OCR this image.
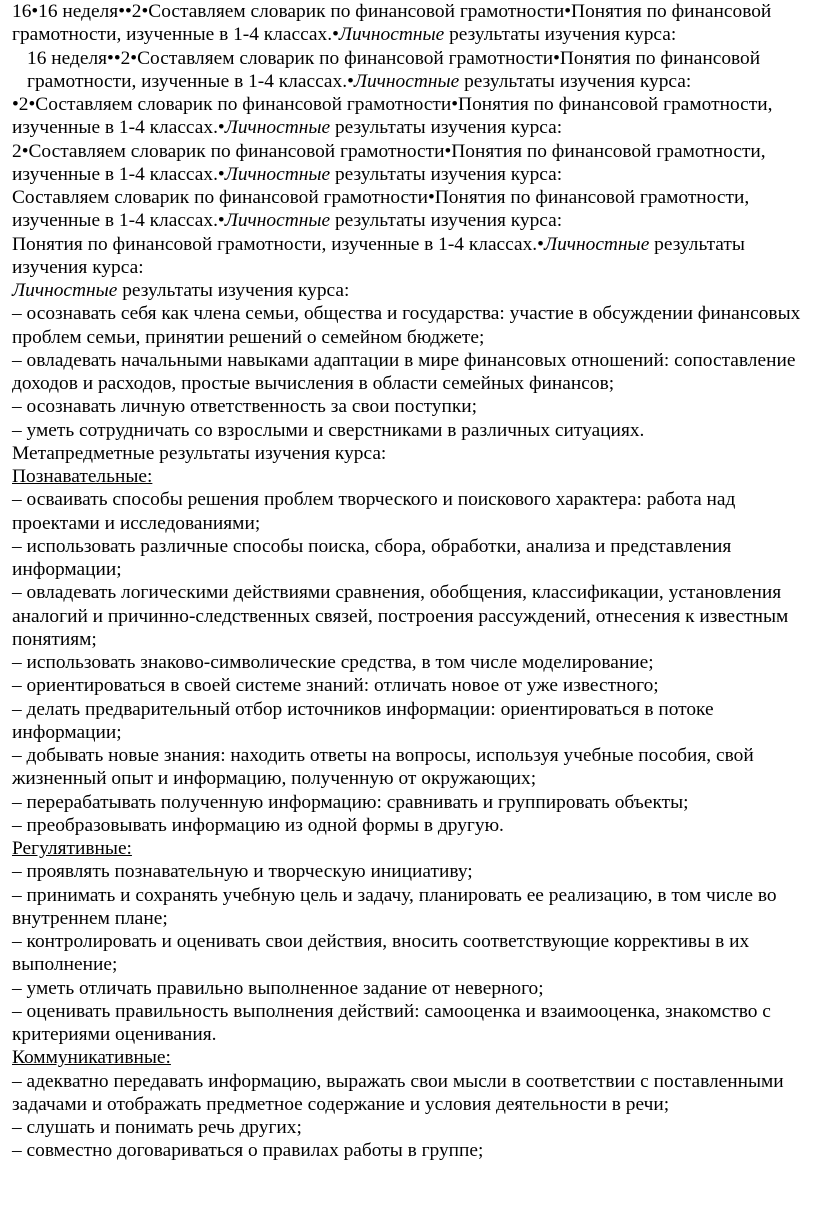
16•16 неделя••2•Составляем словарик по финансовой грамотности•Понятия по финансовой грамотности, изученные в 1-4 классах.•Личностные результаты изучения курса:
16 неделя••2•Составляем словарик по финансовой грамотности•Понятия по финансовой грамотности, изученные в 1-4 классах.•Личностные результаты изучения курса:
•2•Составляем словарик по финансовой грамотности•Понятия по финансовой грамотности, изученные в 1-4 классах.•Личностные результаты изучения курса:
2•Составляем словарик по финансовой грамотности•Понятия по финансовой грамотности, изученные в 1-4 классах.•Личностные результаты изучения курса:
Составляем словарик по финансовой грамотности•Понятия по финансовой грамотности, изученные в 1-4 классах.•Личностные результаты изучения курса:
Понятия по финансовой грамотности, изученные в 1-4 классах.•Личностные результаты изучения курса:
Личностные результаты изучения курса:
– осознавать себя как члена семьи, общества и государства: участие в обсуждении финансовых проблем семьи, принятии решений о семейном бюджете;
– овладевать начальными навыками адаптации в мире финансовых отношений: сопоставление доходов и расходов, простые вычисления в области семейных финансов;
– осознавать личную ответственность за свои поступки;
– уметь сотрудничать со взрослыми и сверстниками в различных ситуациях.
Метапредметные результаты изучения курса:
Познавательные:
– осваивать способы решения проблем творческого и поискового характера: работа над проектами и исследованиями;
– использовать различные способы поиска, сбора, обработки, анализа и представления информации;
– овладевать логическими действиями сравнения, обобщения, классификации, установления аналогий и причинно-следственных связей, построения рассуждений, отнесения к известным понятиям;
– использовать знаково-символические средства, в том числе моделирование;
– ориентироваться в своей системе знаний: отличать новое от уже известного;
– делать предварительный отбор источников информации: ориентироваться в потоке информации;
– добывать новые знания: находить ответы на вопросы, используя учебные пособия, свой жизненный опыт и информацию, полученную от окружающих;
– перерабатывать полученную информацию: сравнивать и группировать объекты;
– преобразовывать информацию из одной формы в другую.
Регулятивные:
– проявлять познавательную и творческую инициативу;
– принимать и сохранять учебную цель и задачу, планировать ее реализацию, в том числе во внутреннем плане;
– контролировать и оценивать свои действия, вносить соответствующие коррективы в их выполнение;
– уметь отличать правильно выполненное задание от неверного;
– оценивать правильность выполнения действий: самооценка и взаимооценка, знакомство с критериями оценивания.
Коммуникативные:
– адекватно передавать информацию, выражать свои мысли в соответствии с поставленными задачами и отображать предметное содержание и условия деятельности в речи;
– слушать и понимать речь других;
– совместно договариваться о правилах работы в группе;
